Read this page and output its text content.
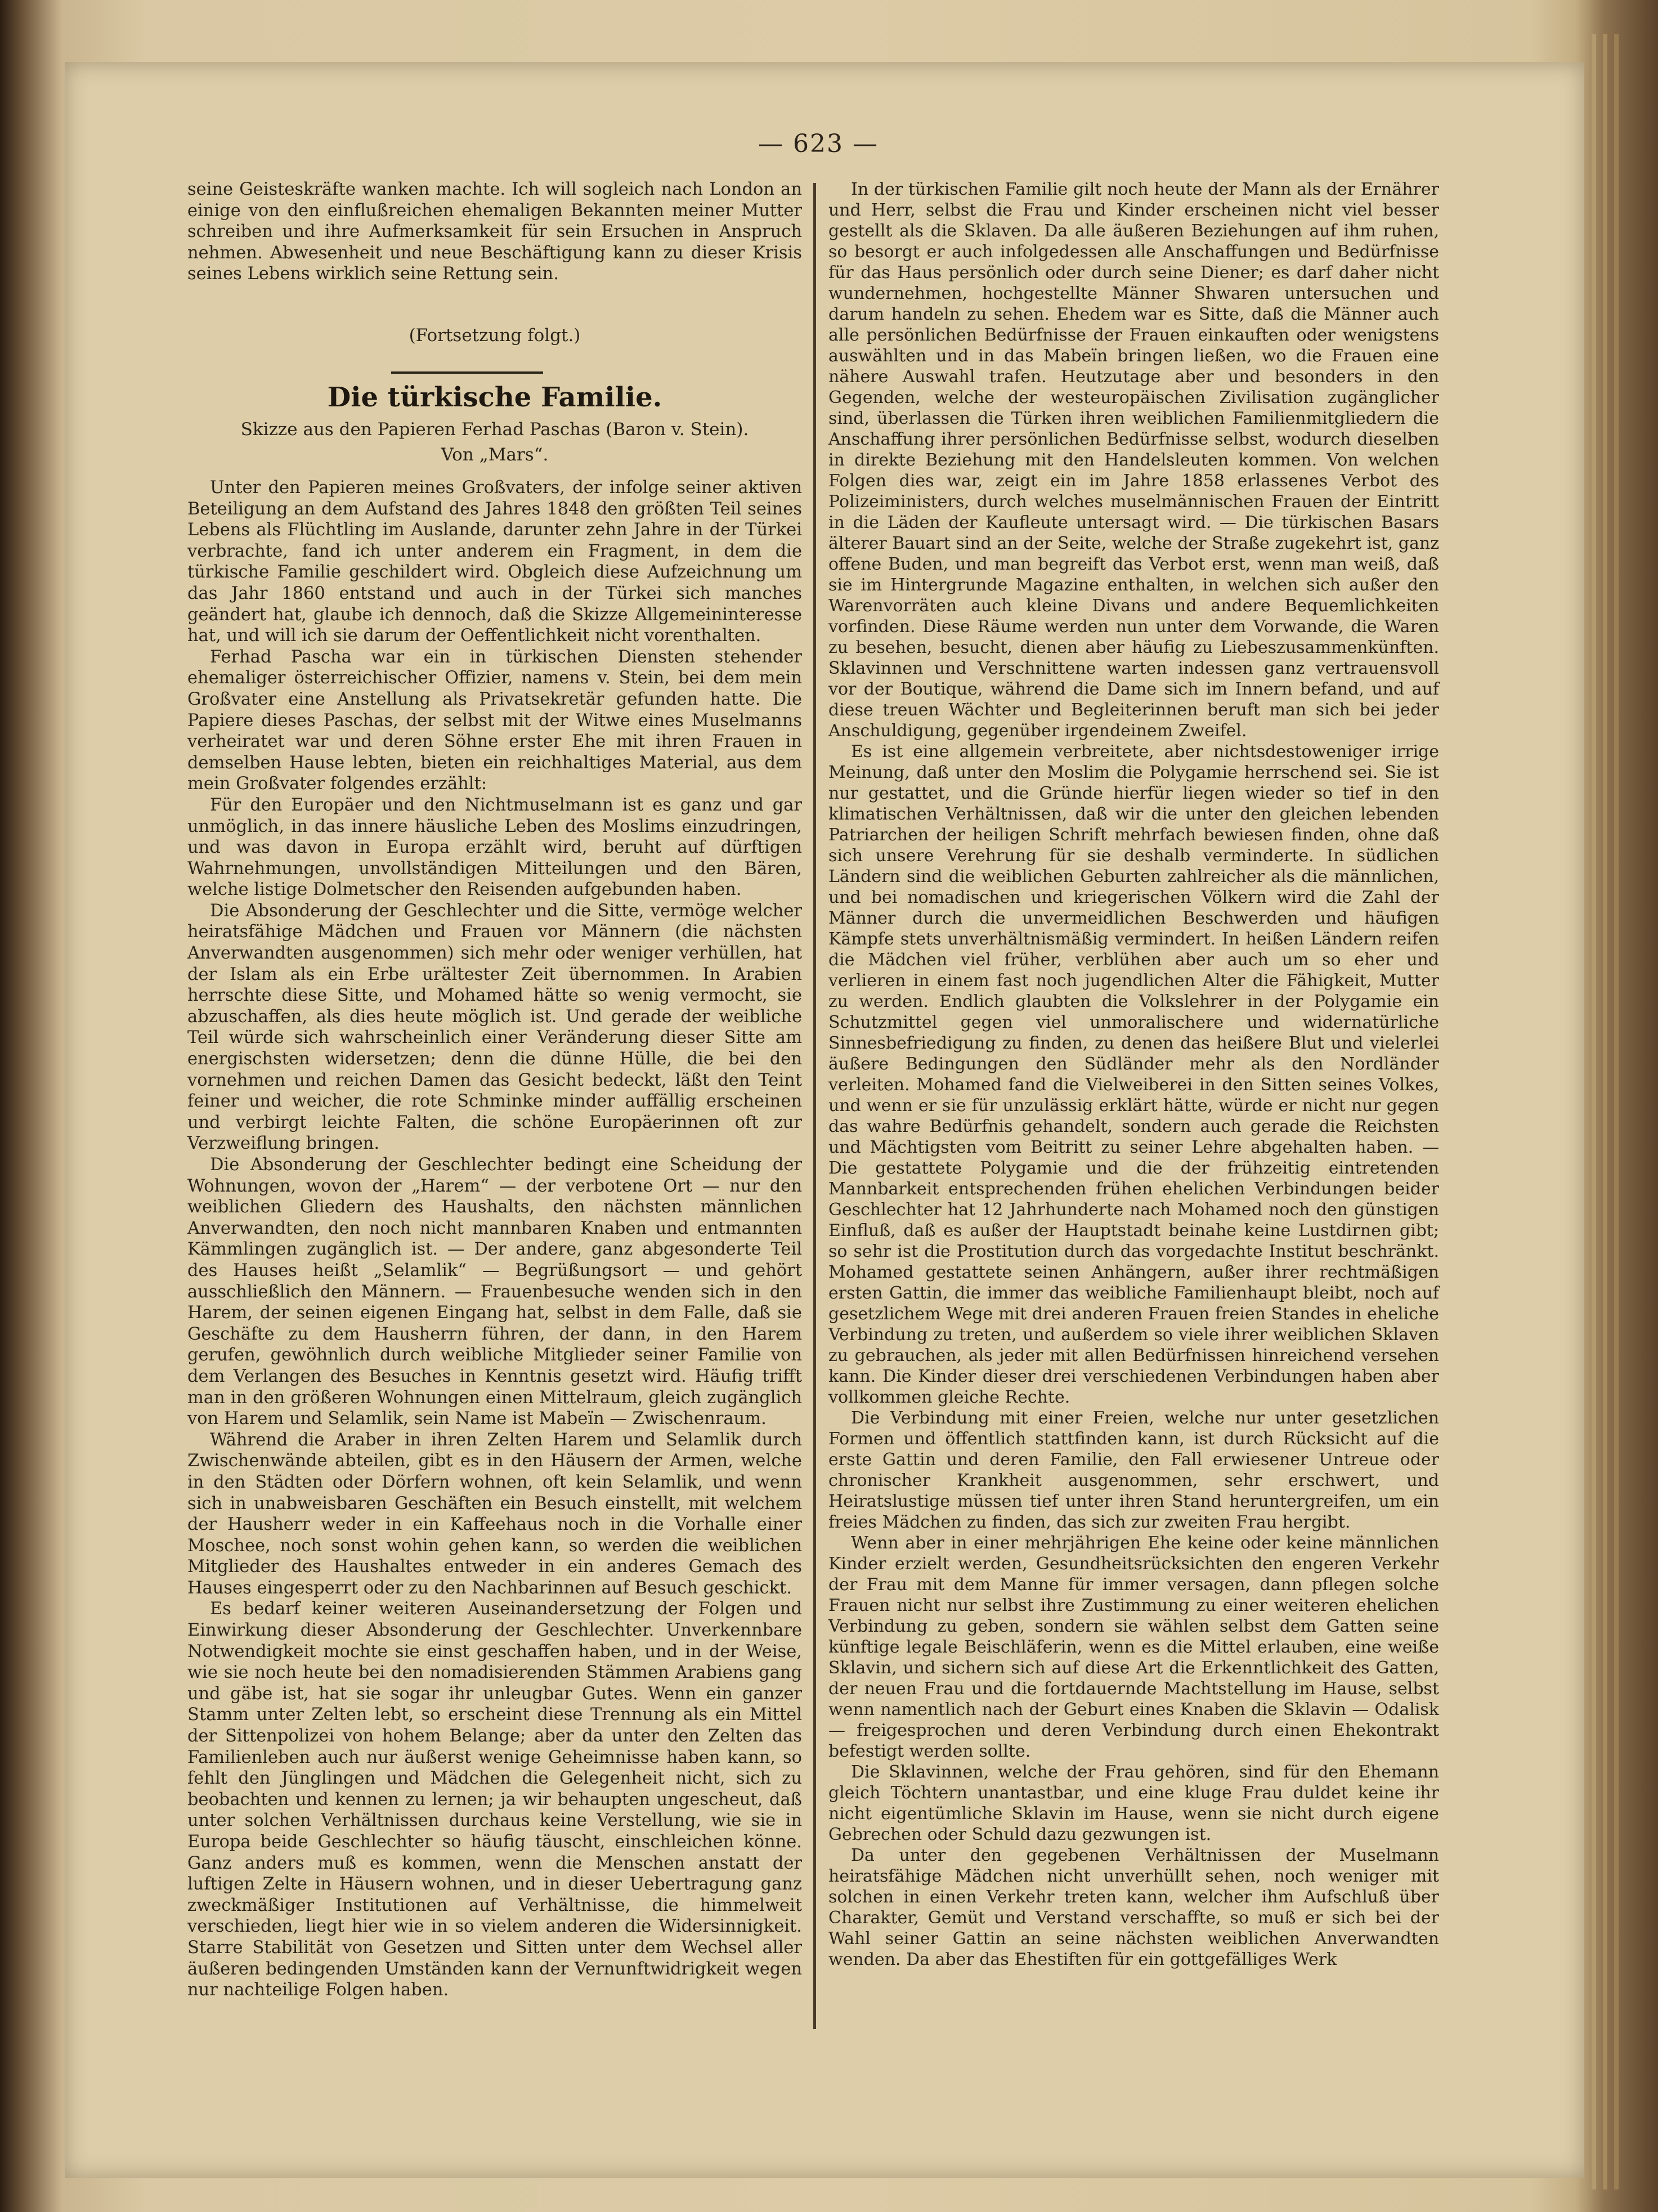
— 623 —

seine Geisteskräfte wanken machte. Ich will sogleich nach London an einige von den einflußreichen ehemaligen Bekannten meiner Mutter schreiben und ihre Aufmerksamkeit für sein Ersuchen in Anspruch nehmen. Abwesenheit und neue Beschäftigung kann zu dieser Krisis seines Lebens wirklich seine Rettung sein.

(Fortsetzung folgt.)
Die türkische Familie.
Skizze aus den Papieren Ferhad Paschas (Baron v. Stein).
Von „Mars“.

Unter den Papieren meines Großvaters, der infolge seiner aktiven Beteiligung an dem Aufstand des Jahres 1848 den größten Teil seines Lebens als Flüchtling im Auslande, darunter zehn Jahre in der Türkei verbrachte, fand ich unter anderem ein Fragment, in dem die türkische Familie geschildert wird. Obgleich diese Aufzeichnung um das Jahr 1860 entstand und auch in der Türkei sich manches geändert hat, glaube ich dennoch, daß die Skizze Allgemeininteresse hat, und will ich sie darum der Oeffentlichkeit nicht vorenthalten.

Ferhad Pascha war ein in türkischen Diensten stehender ehemaliger österreichischer Offizier, namens v. Stein, bei dem mein Großvater eine Anstellung als Privatsekretär gefunden hatte. Die Papiere dieses Paschas, der selbst mit der Witwe eines Muselmanns verheiratet war und deren Söhne erster Ehe mit ihren Frauen in demselben Hause lebten, bieten ein reichhaltiges Material, aus dem mein Großvater folgendes erzählt:

Für den Europäer und den Nichtmuselmann ist es ganz und gar unmöglich, in das innere häusliche Leben des Moslims einzudringen, und was davon in Europa erzählt wird, beruht auf dürftigen Wahrnehmungen, unvollständigen Mitteilungen und den Bären, welche listige Dolmetscher den Reisenden aufgebunden haben.

Die Absonderung der Geschlechter und die Sitte, vermöge welcher heiratsfähige Mädchen und Frauen vor Männern (die nächsten Anverwandten ausgenommen) sich mehr oder weniger verhüllen, hat der Islam als ein Erbe urältester Zeit übernommen. In Arabien herrschte diese Sitte, und Mohamed hätte so wenig vermocht, sie abzuschaffen, als dies heute möglich ist. Und gerade der weibliche Teil würde sich wahrscheinlich einer Veränderung dieser Sitte am energischsten widersetzen; denn die dünne Hülle, die bei den vornehmen und reichen Damen das Gesicht bedeckt, läßt den Teint feiner und weicher, die rote Schminke minder auffällig erscheinen und verbirgt leichte Falten, die schöne Europäerinnen oft zur Verzweiflung bringen.

Die Absonderung der Geschlechter bedingt eine Scheidung der Wohnungen, wovon der „Harem“ — der verbotene Ort — nur den weiblichen Gliedern des Haushalts, den nächsten männlichen Anverwandten, den noch nicht mannbaren Knaben und entmannten Kämmlingen zugänglich ist. — Der andere, ganz abgesonderte Teil des Hauses heißt „Selamlik“ — Begrüßungsort — und gehört ausschließlich den Männern. — Frauenbesuche wenden sich in den Harem, der seinen eigenen Eingang hat, selbst in dem Falle, daß sie Geschäfte zu dem Hausherrn führen, der dann, in den Harem gerufen, gewöhnlich durch weibliche Mitglieder seiner Familie von dem Verlangen des Besuches in Kenntnis gesetzt wird. Häufig trifft man in den größeren Wohnungen einen Mittelraum, gleich zugänglich von Harem und Selamlik, sein Name ist Mabeïn — Zwischenraum.

Während die Araber in ihren Zelten Harem und Selamlik durch Zwischenwände abteilen, gibt es in den Häusern der Armen, welche in den Städten oder Dörfern wohnen, oft kein Selamlik, und wenn sich in unabweisbaren Geschäften ein Besuch einstellt, mit welchem der Hausherr weder in ein Kaffeehaus noch in die Vorhalle einer Moschee, noch sonst wohin gehen kann, so werden die weiblichen Mitglieder des Haushaltes entweder in ein anderes Gemach des Hauses eingesperrt oder zu den Nachbarinnen auf Besuch geschickt.

Es bedarf keiner weiteren Auseinandersetzung der Folgen und Einwirkung dieser Absonderung der Geschlechter. Unverkennbare Notwendigkeit mochte sie einst geschaffen haben, und in der Weise, wie sie noch heute bei den nomadisierenden Stämmen Arabiens gang und gäbe ist, hat sie sogar ihr unleugbar Gutes. Wenn ein ganzer Stamm unter Zelten lebt, so erscheint diese Trennung als ein Mittel der Sittenpolizei von hohem Belange; aber da unter den Zelten das Familienleben auch nur äußerst wenige Geheimnisse haben kann, so fehlt den Jünglingen und Mädchen die Gelegenheit nicht, sich zu beobachten und kennen zu lernen; ja wir behaupten ungescheut, daß unter solchen Verhältnissen durchaus keine Verstellung, wie sie in Europa beide Geschlechter so häufig täuscht, einschleichen könne. Ganz anders muß es kommen, wenn die Menschen anstatt der luftigen Zelte in Häusern wohnen, und in dieser Uebertragung ganz zweckmäßiger Institutionen auf Verhältnisse, die himmelweit verschieden, liegt hier wie in so vielem anderen die Widersinnigkeit. Starre Stabilität von Gesetzen und Sitten unter dem Wechsel aller äußeren bedingenden Umständen kann der Vernunftwidrigkeit wegen nur nachteilige Folgen haben.

In der türkischen Familie gilt noch heute der Mann als der Ernährer und Herr, selbst die Frau und Kinder erscheinen nicht viel besser gestellt als die Sklaven. Da alle äußeren Beziehungen auf ihm ruhen, so besorgt er auch infolgedessen alle Anschaffungen und Bedürfnisse für das Haus persönlich oder durch seine Diener; es darf daher nicht wundernehmen, hochgestellte Männer Shwaren untersuchen und darum handeln zu sehen. Ehedem war es Sitte, daß die Männer auch alle persönlichen Bedürfnisse der Frauen einkauften oder wenigstens auswählten und in das Mabeïn bringen ließen, wo die Frauen eine nähere Auswahl trafen. Heutzutage aber und besonders in den Gegenden, welche der westeuropäischen Zivilisation zugänglicher sind, überlassen die Türken ihren weiblichen Familienmitgliedern die Anschaffung ihrer persönlichen Bedürfnisse selbst, wodurch dieselben in direkte Beziehung mit den Handelsleuten kommen. Von welchen Folgen dies war, zeigt ein im Jahre 1858 erlassenes Verbot des Polizeiministers, durch welches muselmännischen Frauen der Eintritt in die Läden der Kaufleute untersagt wird. — Die türkischen Basars älterer Bauart sind an der Seite, welche der Straße zugekehrt ist, ganz offene Buden, und man begreift das Verbot erst, wenn man weiß, daß sie im Hintergrunde Magazine enthalten, in welchen sich außer den Warenvorräten auch kleine Divans und andere Bequemlichkeiten vorfinden. Diese Räume werden nun unter dem Vorwande, die Waren zu besehen, besucht, dienen aber häufig zu Liebeszusammenkünften. Sklavinnen und Verschnittene warten indessen ganz vertrauensvoll vor der Boutique, während die Dame sich im Innern befand, und auf diese treuen Wächter und Begleiterinnen beruft man sich bei jeder Anschuldigung, gegenüber irgendeinem Zweifel.

Es ist eine allgemein verbreitete, aber nichtsdestoweniger irrige Meinung, daß unter den Moslim die Polygamie herrschend sei. Sie ist nur gestattet, und die Gründe hierfür liegen wieder so tief in den klimatischen Verhältnissen, daß wir die unter den gleichen lebenden Patriarchen der heiligen Schrift mehrfach bewiesen finden, ohne daß sich unsere Verehrung für sie deshalb verminderte. In südlichen Ländern sind die weiblichen Geburten zahlreicher als die männlichen, und bei nomadischen und kriegerischen Völkern wird die Zahl der Männer durch die unvermeidlichen Beschwerden und häufigen Kämpfe stets unverhältnismäßig vermindert. In heißen Ländern reifen die Mädchen viel früher, verblühen aber auch um so eher und verlieren in einem fast noch jugendlichen Alter die Fähigkeit, Mutter zu werden. Endlich glaubten die Volkslehrer in der Polygamie ein Schutzmittel gegen viel unmoralischere und widernatürliche Sinnesbefriedigung zu finden, zu denen das heißere Blut und vielerlei äußere Bedingungen den Südländer mehr als den Nordländer verleiten. Mohamed fand die Vielweiberei in den Sitten seines Volkes, und wenn er sie für unzulässig erklärt hätte, würde er nicht nur gegen das wahre Bedürfnis gehandelt, sondern auch gerade die Reichsten und Mächtigsten vom Beitritt zu seiner Lehre abgehalten haben. — Die gestattete Polygamie und die der frühzeitig eintretenden Mannbarkeit entsprechenden frühen ehelichen Verbindungen beider Geschlechter hat 12 Jahrhunderte nach Mohamed noch den günstigen Einfluß, daß es außer der Hauptstadt beinahe keine Lustdirnen gibt; so sehr ist die Prostitution durch das vorgedachte Institut beschränkt. Mohamed gestattete seinen Anhängern, außer ihrer rechtmäßigen ersten Gattin, die immer das weibliche Familienhaupt bleibt, noch auf gesetzlichem Wege mit drei anderen Frauen freien Standes in eheliche Verbindung zu treten, und außerdem so viele ihrer weiblichen Sklaven zu gebrauchen, als jeder mit allen Bedürfnissen hinreichend versehen kann. Die Kinder dieser drei verschiedenen Verbindungen haben aber vollkommen gleiche Rechte.

Die Verbindung mit einer Freien, welche nur unter gesetzlichen Formen und öffentlich stattfinden kann, ist durch Rücksicht auf die erste Gattin und deren Familie, den Fall erwiesener Untreue oder chronischer Krankheit ausgenommen, sehr erschwert, und Heiratslustige müssen tief unter ihren Stand heruntergreifen, um ein freies Mädchen zu finden, das sich zur zweiten Frau hergibt.

Wenn aber in einer mehrjährigen Ehe keine oder keine männlichen Kinder erzielt werden, Gesundheitsrücksichten den engeren Verkehr der Frau mit dem Manne für immer versagen, dann pflegen solche Frauen nicht nur selbst ihre Zustimmung zu einer weiteren ehelichen Verbindung zu geben, sondern sie wählen selbst dem Gatten seine künftige legale Beischläferin, wenn es die Mittel erlauben, eine weiße Sklavin, und sichern sich auf diese Art die Erkenntlichkeit des Gatten, der neuen Frau und die fortdauernde Machtstellung im Hause, selbst wenn namentlich nach der Geburt eines Knaben die Sklavin — Odalisk — freigesprochen und deren Verbindung durch einen Ehekontrakt befestigt werden sollte.

Die Sklavinnen, welche der Frau gehören, sind für den Ehemann gleich Töchtern unantastbar, und eine kluge Frau duldet keine ihr nicht eigentümliche Sklavin im Hause, wenn sie nicht durch eigene Gebrechen oder Schuld dazu gezwungen ist.

Da unter den gegebenen Verhältnissen der Muselmann heiratsfähige Mädchen nicht unverhüllt sehen, noch weniger mit solchen in einen Verkehr treten kann, welcher ihm Aufschluß über Charakter, Gemüt und Verstand verschaffte, so muß er sich bei der Wahl seiner Gattin an seine nächsten weiblichen Anverwandten wenden. Da aber das Ehestiften für ein gottgefälliges Werk
